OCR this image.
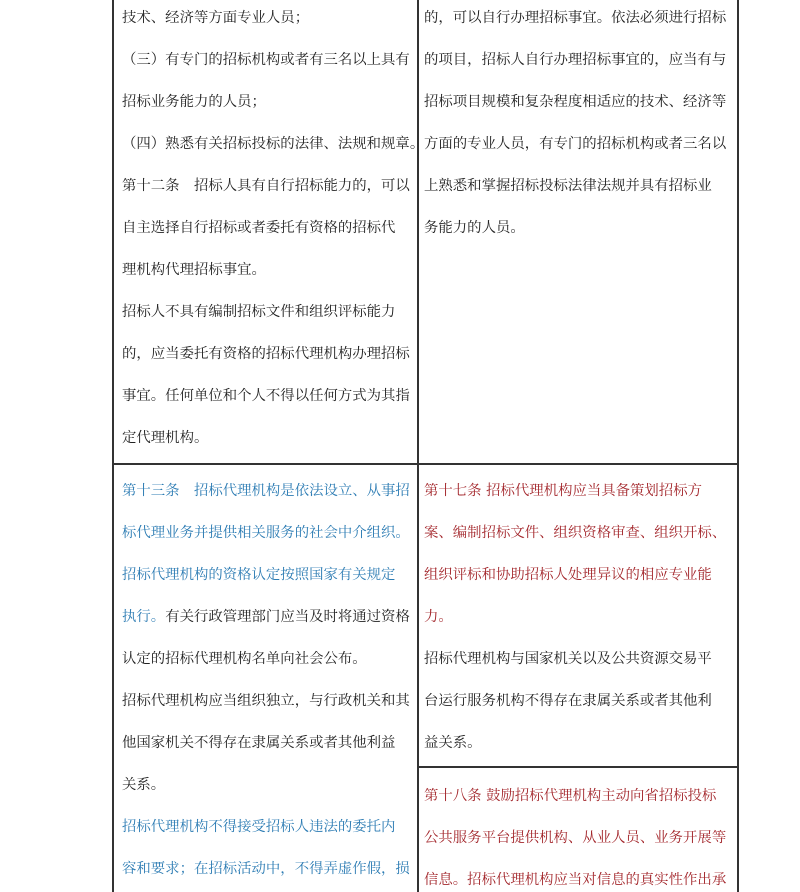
技术、经济等方面专业人员；
（三）有专门的招标机构或者有三名以上具有
招标业务能力的人员；
（四）熟悉有关招标投标的法律、法规和规章。
第十二条　招标人具有自行招标能力的，可以
自主选择自行招标或者委托有资格的招标代
理机构代理招标事宜。
招标人不具有编制招标文件和组织评标能力
的，应当委托有资格的招标代理机构办理招标
事宜。任何单位和个人不得以任何方式为其指
定代理机构。
的，可以自行办理招标事宜。依法必须进行招标
的项目，招标人自行办理招标事宜的，应当有与
招标项目规模和复杂程度相适应的技术、经济等
方面的专业人员，有专门的招标机构或者三名以
上熟悉和掌握招标投标法律法规并具有招标业
务能力的人员。
第十三条　招标代理机构是依法设立、从事招
标代理业务并提供相关服务的社会中介组织。
招标代理机构的资格认定按照国家有关规定
执行。有关行政管理部门应当及时将通过资格
认定的招标代理机构名单向社会公布。
招标代理机构应当组织独立，与行政机关和其
他国家机关不得存在隶属关系或者其他利益
关系。
招标代理机构不得接受招标人违法的委托内
容和要求；在招标活动中，不得弄虚作假，损
第十七条 招标代理机构应当具备策划招标方
案、编制招标文件、组织资格审查、组织开标、
组织评标和协助招标人处理异议的相应专业能
力。
招标代理机构与国家机关以及公共资源交易平
台运行服务机构不得存在隶属关系或者其他利
益关系。
第十八条 鼓励招标代理机构主动向省招标投标
公共服务平台提供机构、从业人员、业务开展等
信息。招标代理机构应当对信息的真实性作出承
